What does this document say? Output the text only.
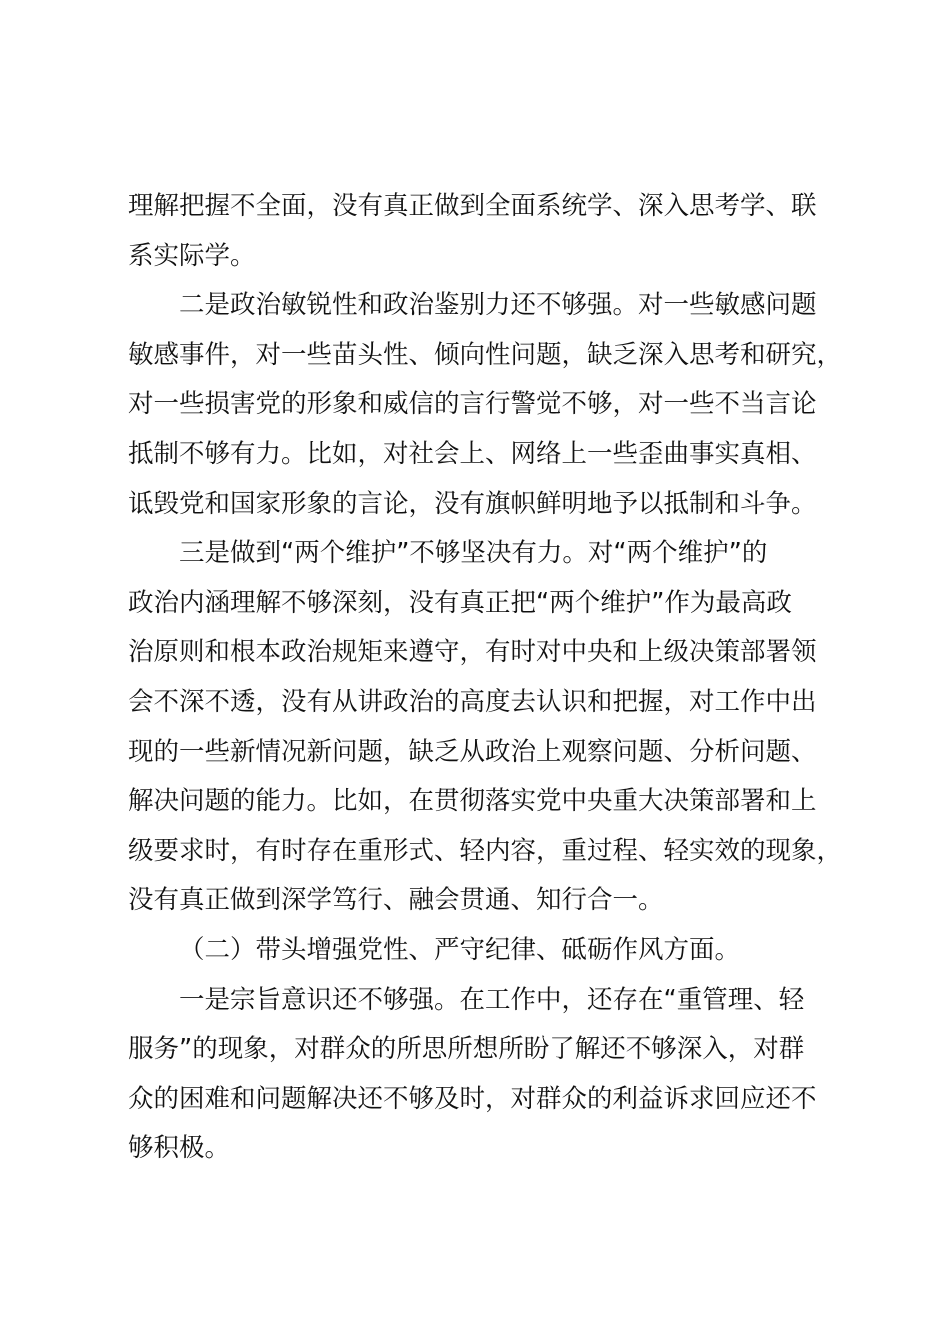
理解把握不全面，没有真正做到全面系统学、深入思考学、联
系实际学。
二是政治敏锐性和政治鉴别力还不够强。对一些敏感问题
敏感事件，对一些苗头性、倾向性问题，缺乏深入思考和研究，
对一些损害党的形象和威信的言行警觉不够，对一些不当言论
抵制不够有力。比如，对社会上、网络上一些歪曲事实真相、
诋毁党和国家形象的言论，没有旗帜鲜明地予以抵制和斗争。
三是做到“两个维护”不够坚决有力。对“两个维护”的
政治内涵理解不够深刻，没有真正把“两个维护”作为最高政
治原则和根本政治规矩来遵守，有时对中央和上级决策部署领
会不深不透，没有从讲政治的高度去认识和把握，对工作中出
现的一些新情况新问题，缺乏从政治上观察问题、分析问题、
解决问题的能力。比如，在贯彻落实党中央重大决策部署和上
级要求时，有时存在重形式、轻内容，重过程、轻实效的现象，
没有真正做到深学笃行、融会贯通、知行合一。
（二）带头增强党性、严守纪律、砥砺作风方面。
一是宗旨意识还不够强。在工作中，还存在“重管理、轻
服务”的现象，对群众的所思所想所盼了解还不够深入，对群
众的困难和问题解决还不够及时，对群众的利益诉求回应还不
够积极。
